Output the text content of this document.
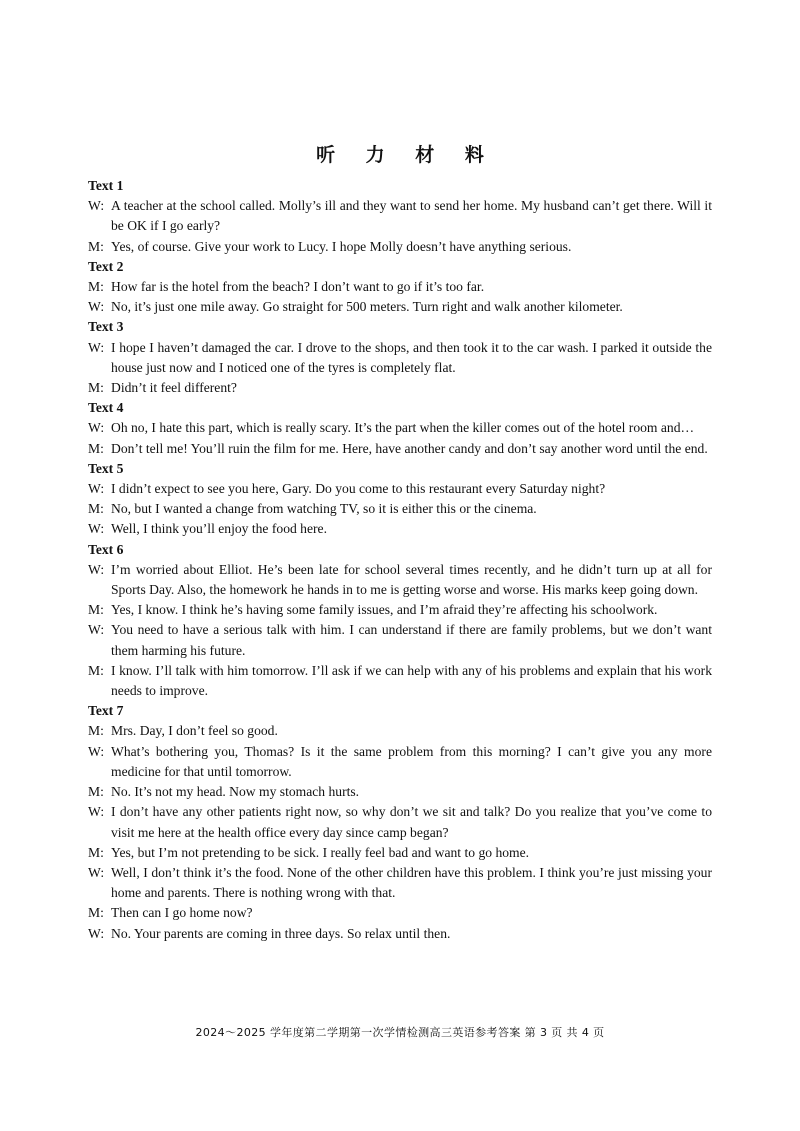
听 力 材 料

Text 1

W: A teacher at the school called. Molly’s ill and they want to send her home. My husband can’t get there. Will it be OK if I go early?

M: Yes, of course. Give your work to Lucy. I hope Molly doesn’t have anything serious.

Text 2

M: How far is the hotel from the beach? I don’t want to go if it’s too far.

W: No, it’s just one mile away. Go straight for 500 meters. Turn right and walk another kilometer.

Text 3

W: I hope I haven’t damaged the car. I drove to the shops, and then took it to the car wash. I parked it outside the house just now and I noticed one of the tyres is completely flat.

M: Didn’t it feel different?

Text 4

W: Oh no, I hate this part, which is really scary. It’s the part when the killer comes out of the hotel room and…

M: Don’t tell me! You’ll ruin the film for me. Here, have another candy and don’t say another word until the end.

Text 5

W: I didn’t expect to see you here, Gary. Do you come to this restaurant every Saturday night?

M: No, but I wanted a change from watching TV, so it is either this or the cinema.

W: Well, I think you’ll enjoy the food here.

Text 6

W: I’m worried about Elliot. He’s been late for school several times recently, and he didn’t turn up at all for Sports Day. Also, the homework he hands in to me is getting worse and worse. His marks keep going down.

M: Yes, I know. I think he’s having some family issues, and I’m afraid they’re affecting his schoolwork.

W: You need to have a serious talk with him. I can understand if there are family problems, but we don’t want them harming his future.

M: I know. I’ll talk with him tomorrow. I’ll ask if we can help with any of his problems and explain that his work needs to improve.

Text 7

M: Mrs. Day, I don’t feel so good.

W: What’s bothering you, Thomas? Is it the same problem from this morning? I can’t give you any more medicine for that until tomorrow.

M: No. It’s not my head. Now my stomach hurts.

W: I don’t have any other patients right now, so why don’t we sit and talk? Do you realize that you’ve come to visit me here at the health office every day since camp began?

M: Yes, but I’m not pretending to be sick. I really feel bad and want to go home.

W: Well, I don’t think it’s the food. None of the other children have this problem. I think you’re just missing your home and parents. There is nothing wrong with that.

M: Then can I go home now?

W: No. Your parents are coming in three days. So relax until then.

2024～2025 学年度第二学期第一次学情检测高三英语参考答案 第 3 页 共 4 页
